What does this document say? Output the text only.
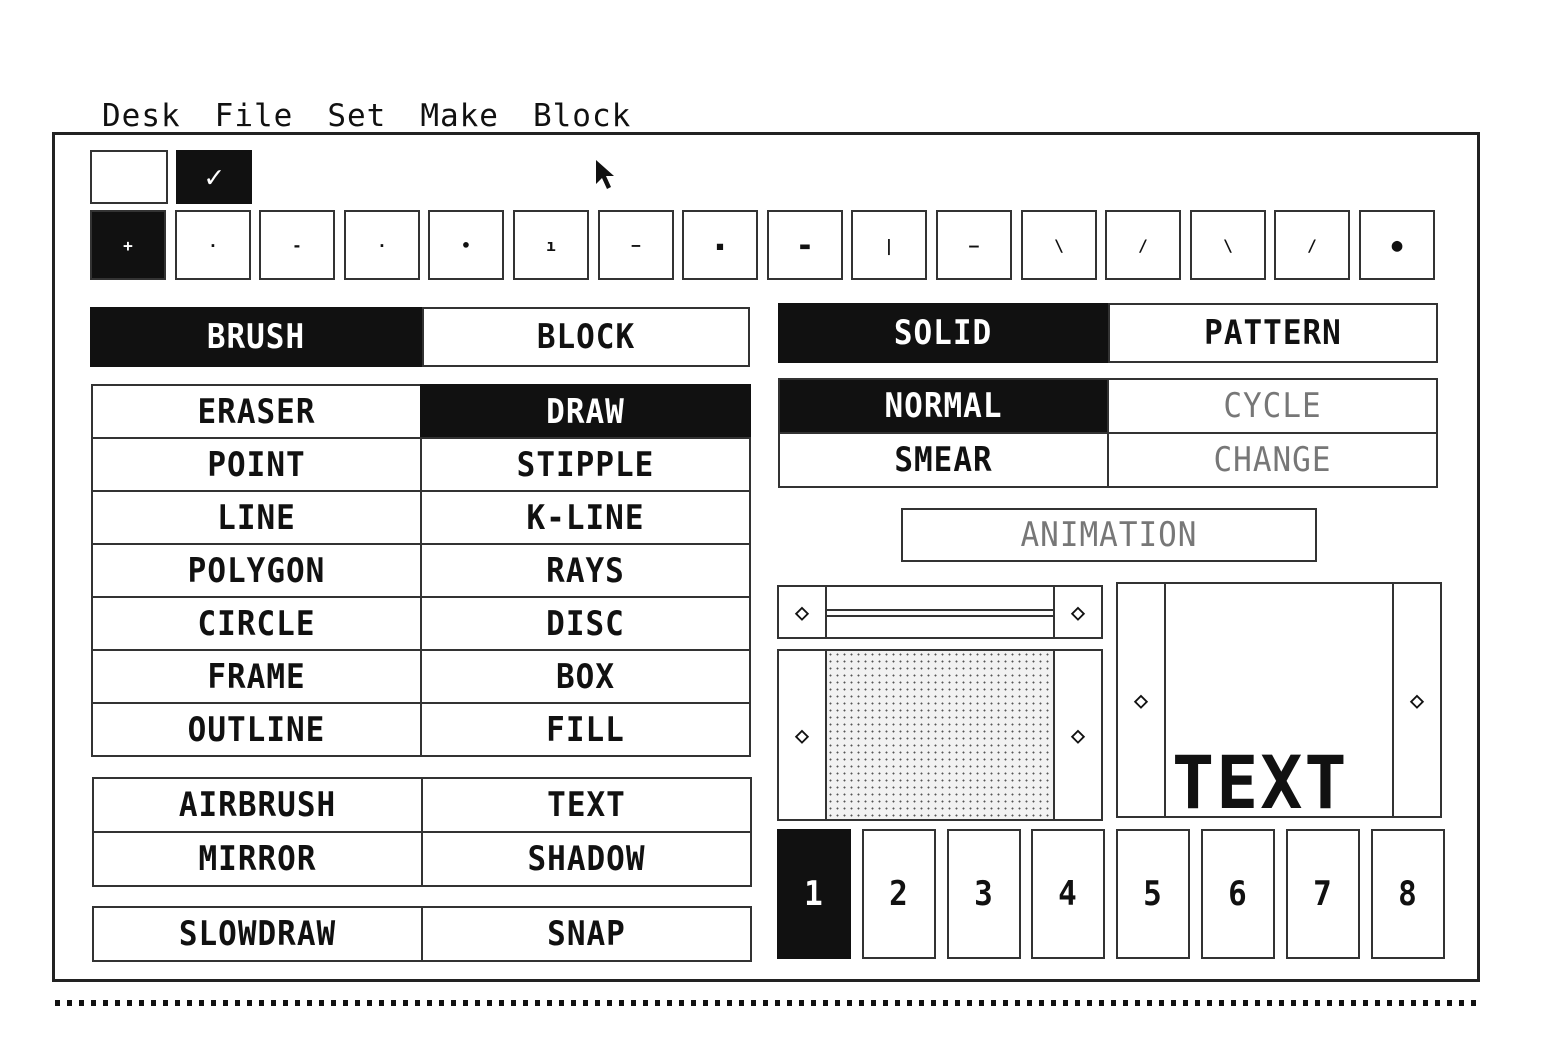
Desk File Set Make Block
✓
+	·	-	·	•	ı	−	▪	▬	|	—	\	/	\	/	●
BRUSH	BLOCK
ERASER	DRAW
POINT	STIPPLE
LINE	K-LINE
POLYGON	RAYS
CIRCLE	DISC
FRAME	BOX
OUTLINE	FILL
AIRBRUSH	TEXT
MIRROR	SHADOW
SLOWDRAW	SNAP
SOLID	PATTERN
NORMAL	CYCLE
SMEAR	CHANGE
ANIMATION
◇	◇
◇	◇
◇
TEXT
◇
1 2 3 4 5 6 7 8
